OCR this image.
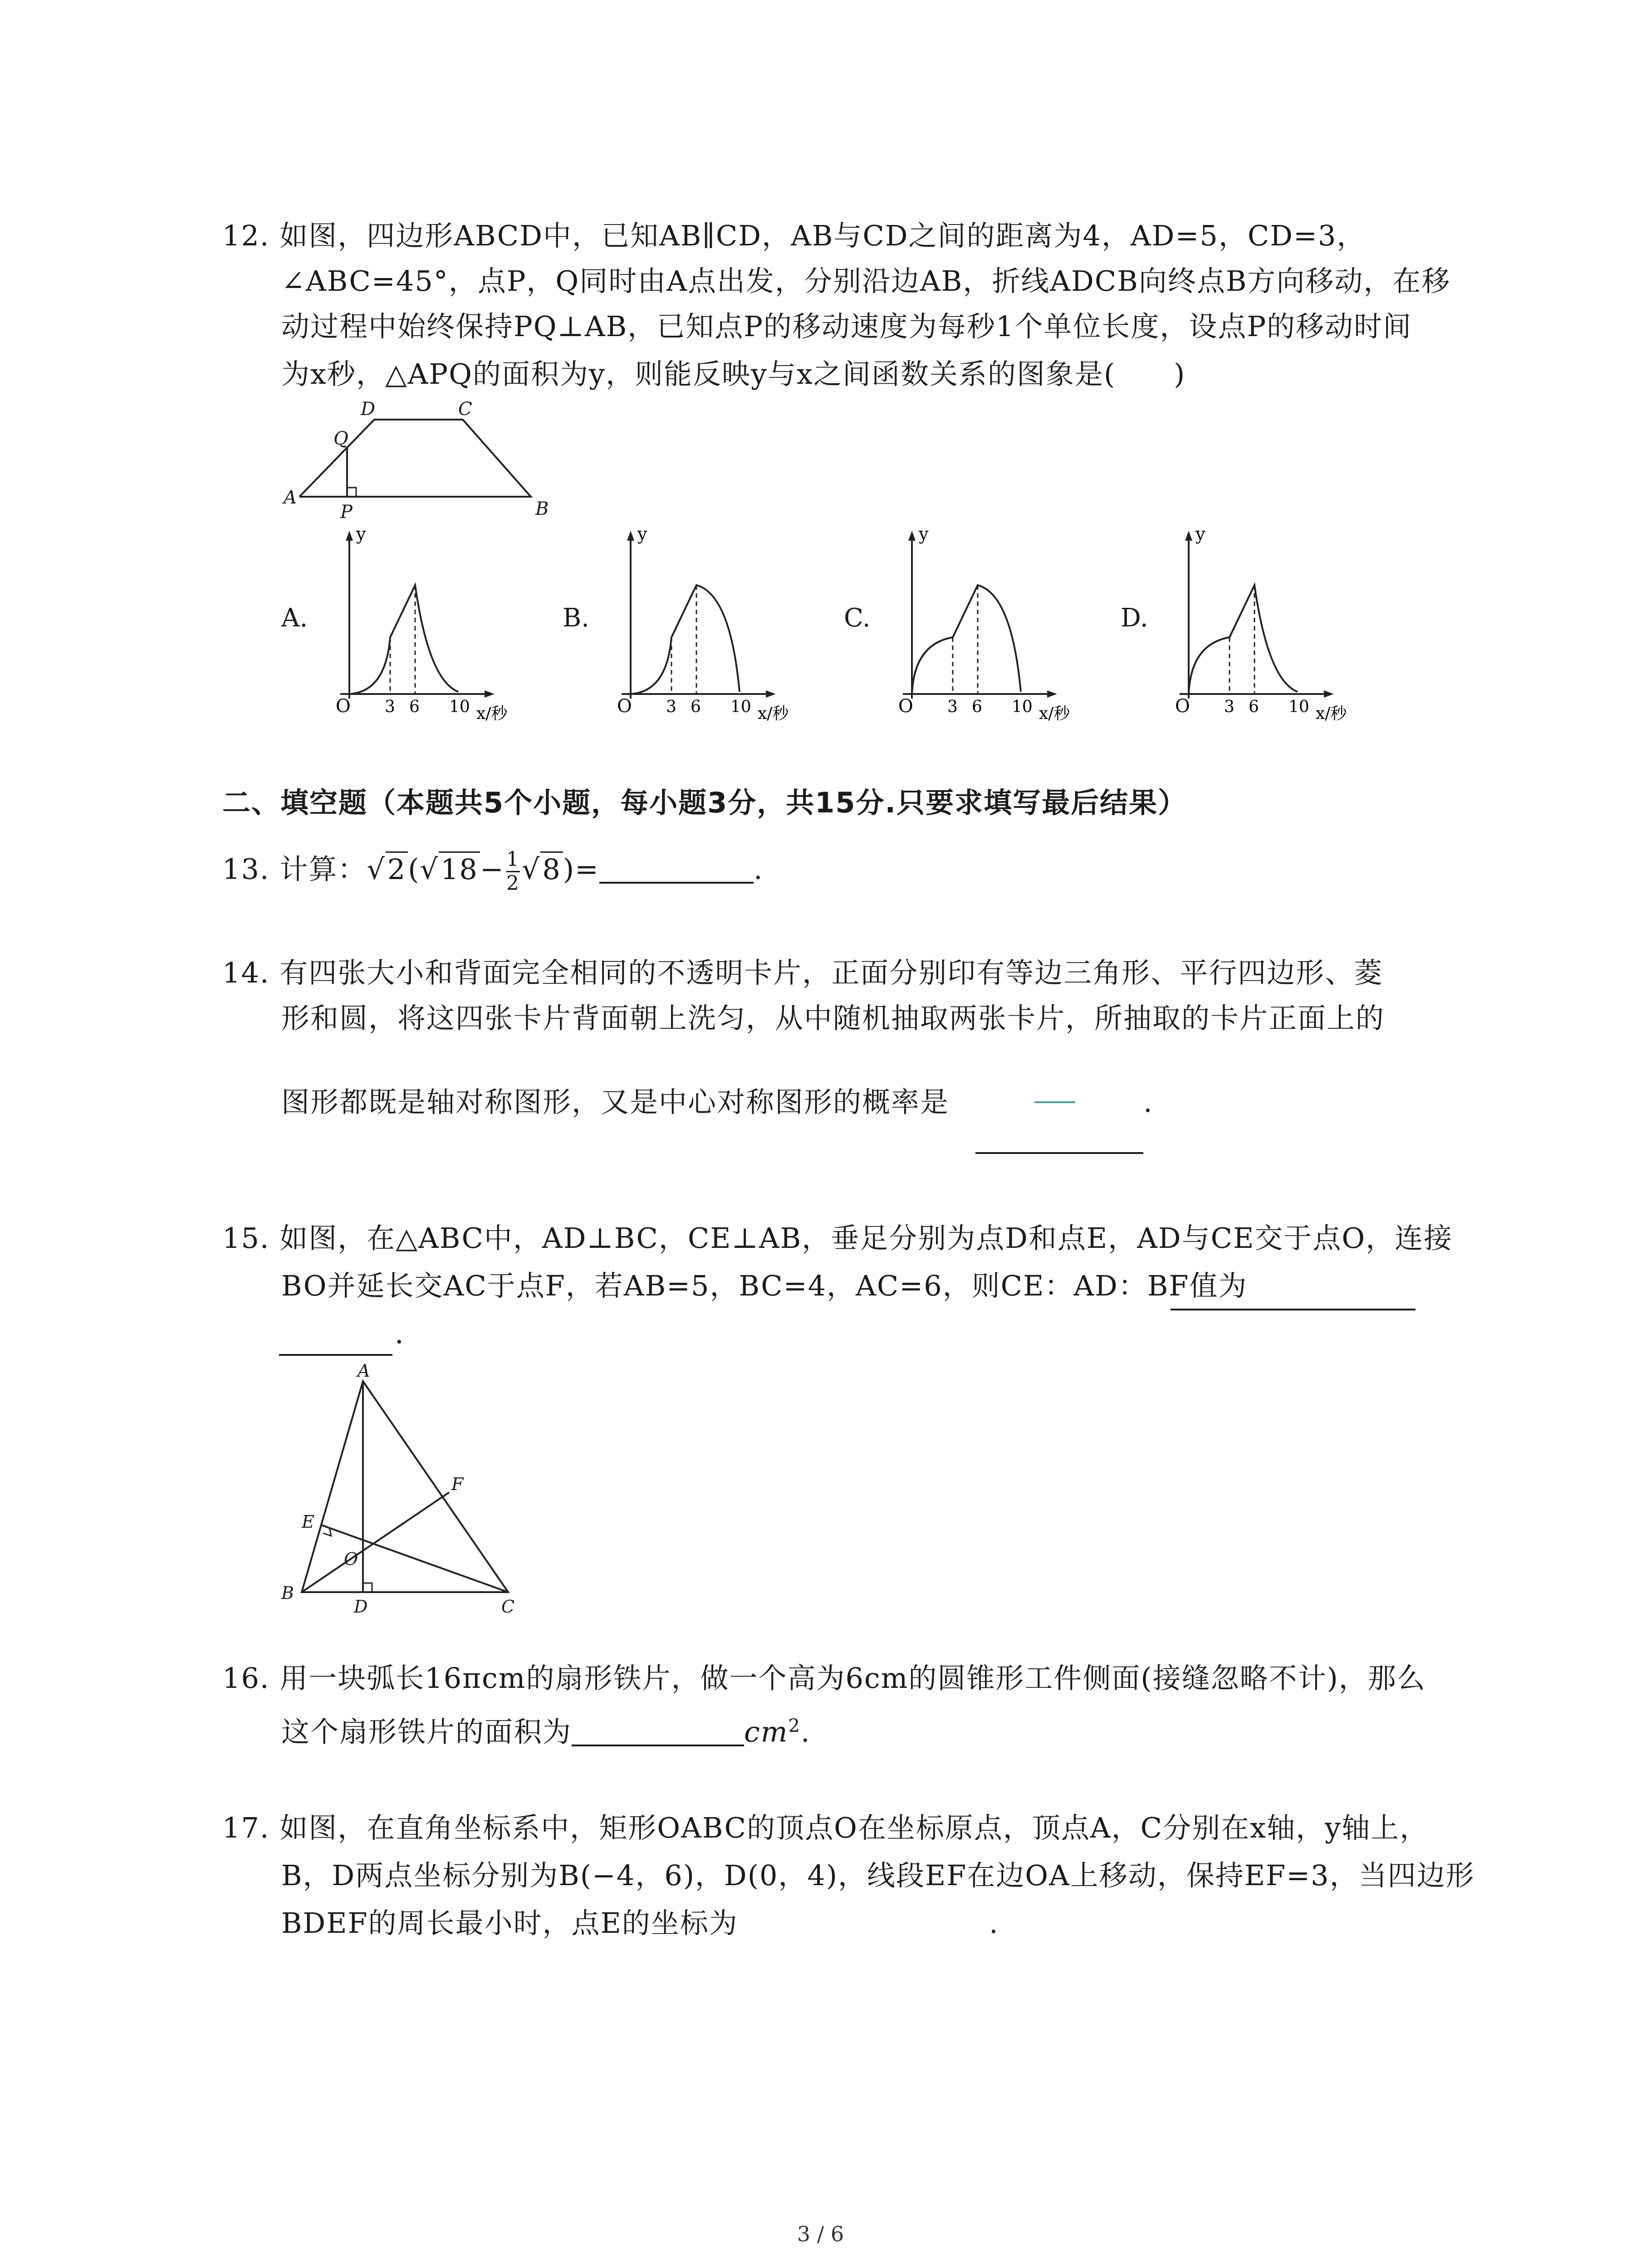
12. 如图，四边形ABCD中，已知AB∥CD，AB与CD之间的距离为4，AD=5，CD=3，
∠ABC=45°，点P，Q同时由A点出发，分别沿边AB，折线ADCB向终点B方向移动，在移
动过程中始终保持PQ⊥AB，已知点P的移动速度为每秒1个单位长度，设点P的移动时间
为x秒，△APQ的面积为y，则能反映y与x之间函数关系的图象是(　　)
A
B
C
D
P
Q
A.
O 3 6 10 x/秒
y
B.
O 3 6 10 x/秒
y
C.
O 3 6 10 x/秒
y
D.
O 3 6 10 x/秒
y
二、填空题（本题共5个小题，每小题3分，共15分.只要求填写最后结果）
13. 计算：$√2(√18- \frac{1}{2} √8)=$	.
14. 有四张大小和背面完全相同的不透明卡片，正面分别印有等边三角形、平行四边形、菱
形和圆，将这四张卡片背面朝上洗匀，从中随机抽取两张卡片，所抽取的卡片正面上的
图形都既是轴对称图形，又是中心对称图形的概率是	.
15. 如图，在△ABC中，AD⊥BC，CE⊥AB，垂足分别为点D和点E，AD与CE交于点O，连接
BO并延长交AC于点F，若AB=5，BC=4，AC=6，则CE：AD：BF值为
.
A
B
C
D
E
F
O
16. 用一块弧长16πcm的扇形铁片，做一个高为6cm的圆锥形工件侧面(接缝忽略不计)，那么
这个扇形铁片的面积为	$cm^2$.
17. 如图，在直角坐标系中，矩形OABC的顶点O在坐标原点，顶点A，C分别在x轴，y轴上，
B，D两点坐标分别为B(−4，6)，D(0，4)，线段EF在边OA上移动，保持EF=3，当四边形
BDEF的周长最小时，点E的坐标为	.
3 / 6
